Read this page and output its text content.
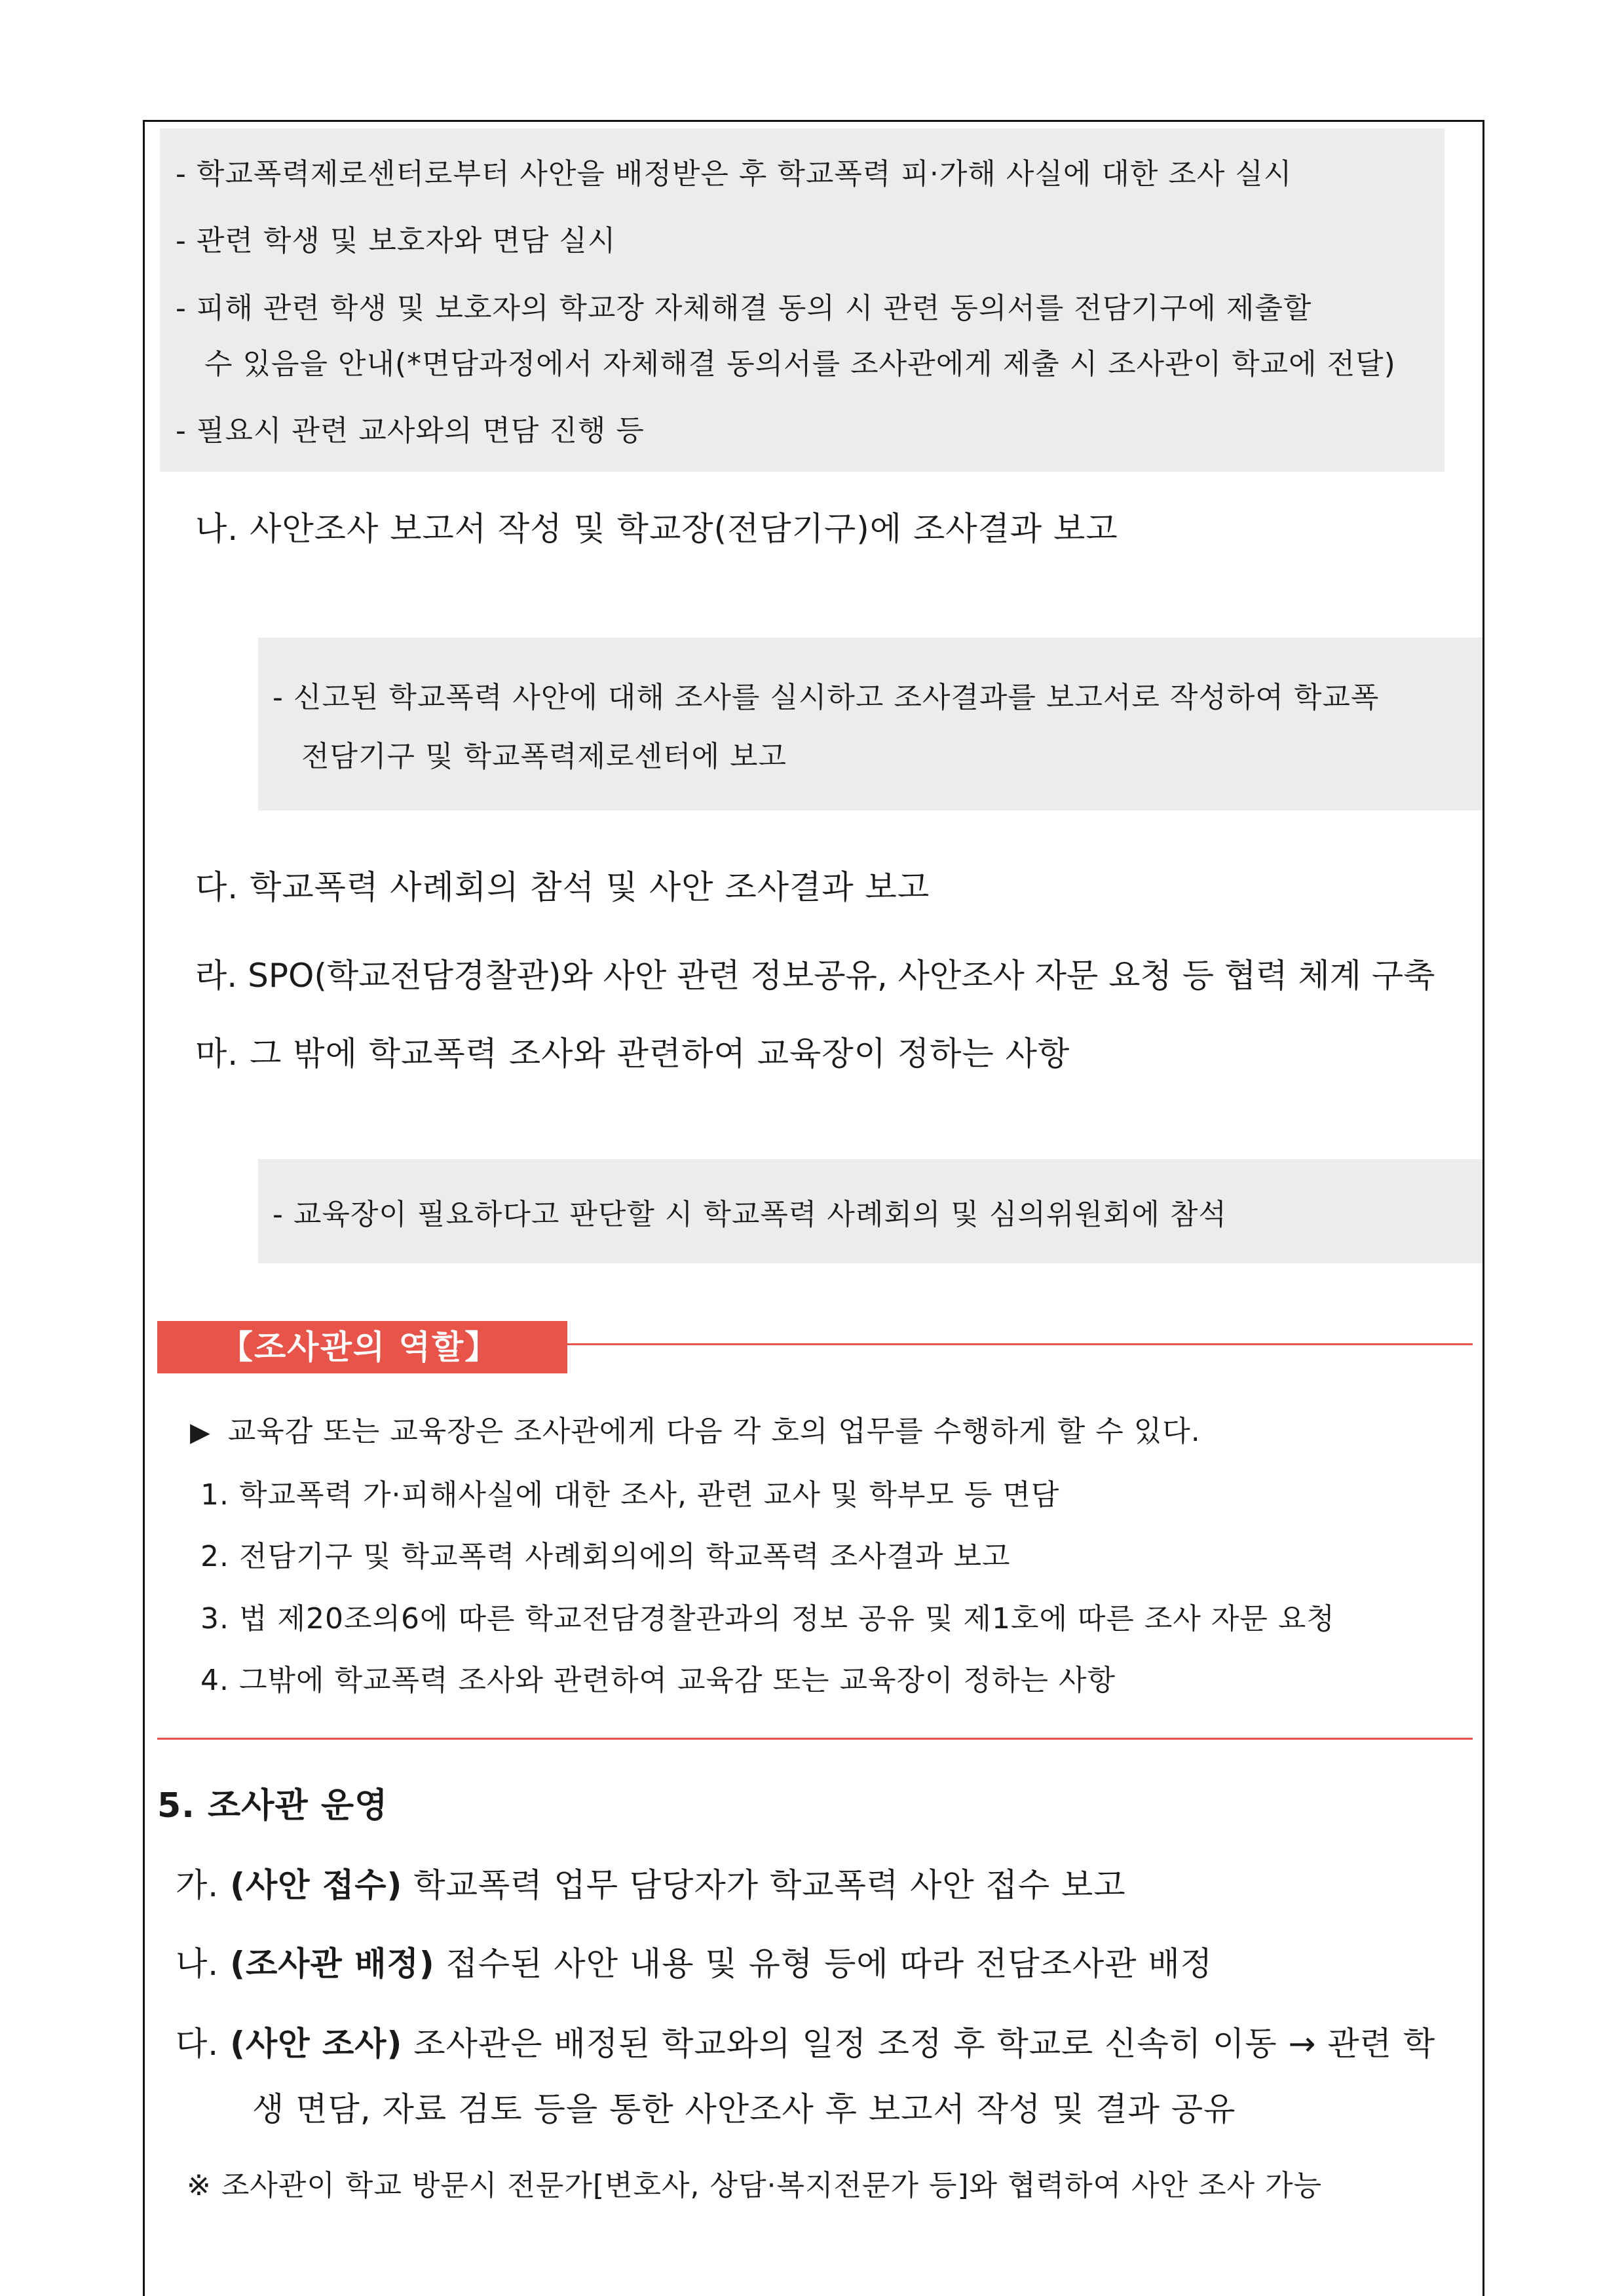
- 학교폭력제로센터로부터 사안을 배정받은 후 학교폭력 피·가해 사실에 대한 조사 실시
- 관련 학생 및 보호자와 면담 실시
- 피해 관련 학생 및 보호자의 학교장 자체해결 동의 시 관련 동의서를 전담기구에 제출할
수 있음을 안내(*면담과정에서 자체해결 동의서를 조사관에게 제출 시 조사관이 학교에 전달)
- 필요시 관련 교사와의 면담 진행 등
나. 사안조사 보고서 작성 및 학교장(전담기구)에 조사결과 보고
- 신고된 학교폭력 사안에 대해 조사를 실시하고 조사결과를 보고서로 작성하여 학교폭
전담기구 및 학교폭력제로센터에 보고
다. 학교폭력 사례회의 참석 및 사안 조사결과 보고
라. SPO(학교전담경찰관)와 사안 관련 정보공유, 사안조사 자문 요청 등 협력 체계 구축
마. 그 밖에 학교폭력 조사와 관련하여 교육장이 정하는 사항
- 교육장이 필요하다고 판단할 시 학교폭력 사례회의 및 심의위원회에 참석
【조사관의 역할】
▶ 교육감 또는 교육장은 조사관에게 다음 각 호의 업무를 수행하게 할 수 있다.
1. 학교폭력 가·피해사실에 대한 조사, 관련 교사 및 학부모 등 면담
2. 전담기구 및 학교폭력 사례회의에의 학교폭력 조사결과 보고
3. 법 제20조의6에 따른 학교전담경찰관과의 정보 공유 및 제1호에 따른 조사 자문 요청
4. 그밖에 학교폭력 조사와 관련하여 교육감 또는 교육장이 정하는 사항
5. 조사관 운영
가. (사안 접수) 학교폭력 업무 담당자가 학교폭력 사안 접수 보고
나. (조사관 배정) 접수된 사안 내용 및 유형 등에 따라 전담조사관 배정
다. (사안 조사) 조사관은 배정된 학교와의 일정 조정 후 학교로 신속히 이동 → 관련 학
생 면담, 자료 검토 등을 통한 사안조사 후 보고서 작성 및 결과 공유
※ 조사관이 학교 방문시 전문가[변호사, 상담·복지전문가 등]와 협력하여 사안 조사 가능
